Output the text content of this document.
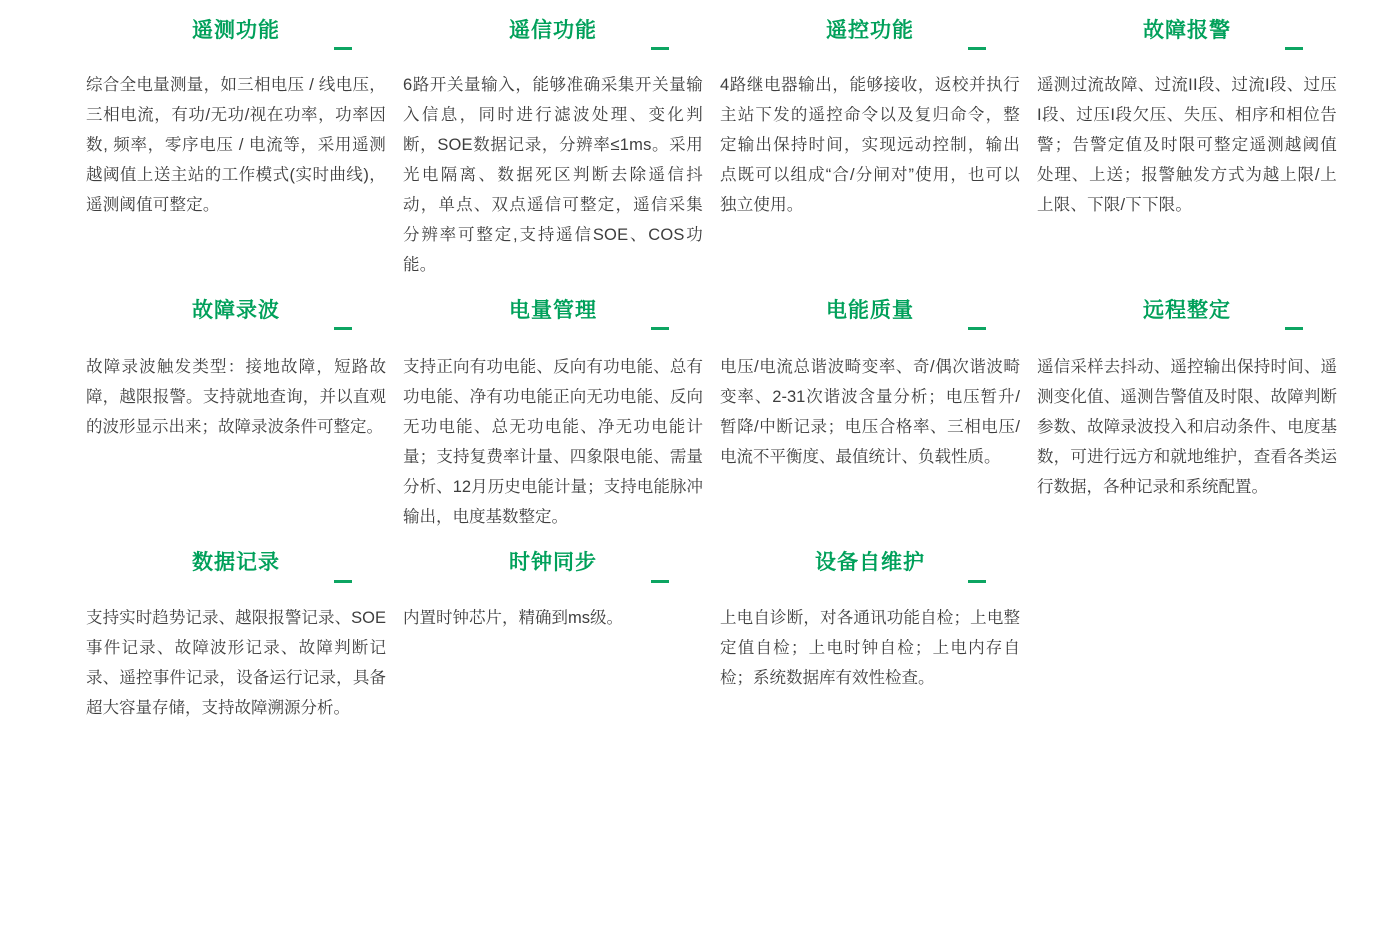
遥测功能

综合全电量测量，如三相电压 / 线电压，三相电流，有功/无功/视在功率，功率因数, 频率，零序电压 / 电流等，采用遥测越阈值上送主站的工作模式(实时曲线)，遥测阈值可整定。

遥信功能

6路开关量输入，能够准确采集开关量输入信息，同时进行滤波处理、变化判断，SOE数据记录，分辨率≤1ms。采用光电隔离、数据死区判断去除遥信抖动，单点、双点遥信可整定，遥信采集分辨率可整定,支持遥信SOE、COS功能。

遥控功能

4路继电器输出，能够接收，返校并执行主站下发的遥控命令以及复归命令，整定输出保持时间，实现远动控制，输出点既可以组成“合/分闸对”使用，也可以独立使用。

故障报警

遥测过流故障、过流II段、过流I段、过压I段、过压I段欠压、失压、相序和相位告警；告警定值及时限可整定遥测越阈值处理、上送；报警触发方式为越上限/上上限、下限/下下限。

故障录波

故障录波触发类型：接地故障，短路故障，越限报警。支持就地查询，并以直观的波形显示出来；故障录波条件可整定。

电量管理

支持正向有功电能、反向有功电能、总有功电能、净有功电能正向无功电能、反向无功电能、总无功电能、净无功电能计量；支持复费率计量、四象限电能、需量分析、12月历史电能计量；支持电能脉冲输出，电度基数整定。

电能质量

电压/电流总谐波畸变率、奇/偶次谐波畸变率、2-31次谐波含量分析；电压暂升/暂降/中断记录；电压合格率、三相电压/电流不平衡度、最值统计、负载性质。

远程整定

遥信采样去抖动、遥控输出保持时间、遥测变化值、遥测告警值及时限、故障判断参数、故障录波投入和启动条件、电度基数，可进行远方和就地维护，查看各类运行数据，各种记录和系统配置。

数据记录

支持实时趋势记录、越限报警记录、SOE事件记录、故障波形记录、故障判断记录、遥控事件记录，设备运行记录，具备超大容量存储，支持故障溯源分析。

时钟同步

内置时钟芯片，精确到ms级。

设备自维护

上电自诊断，对各通讯功能自检；上电整定值自检；上电时钟自检；上电内存自检；系统数据库有效性检查。
